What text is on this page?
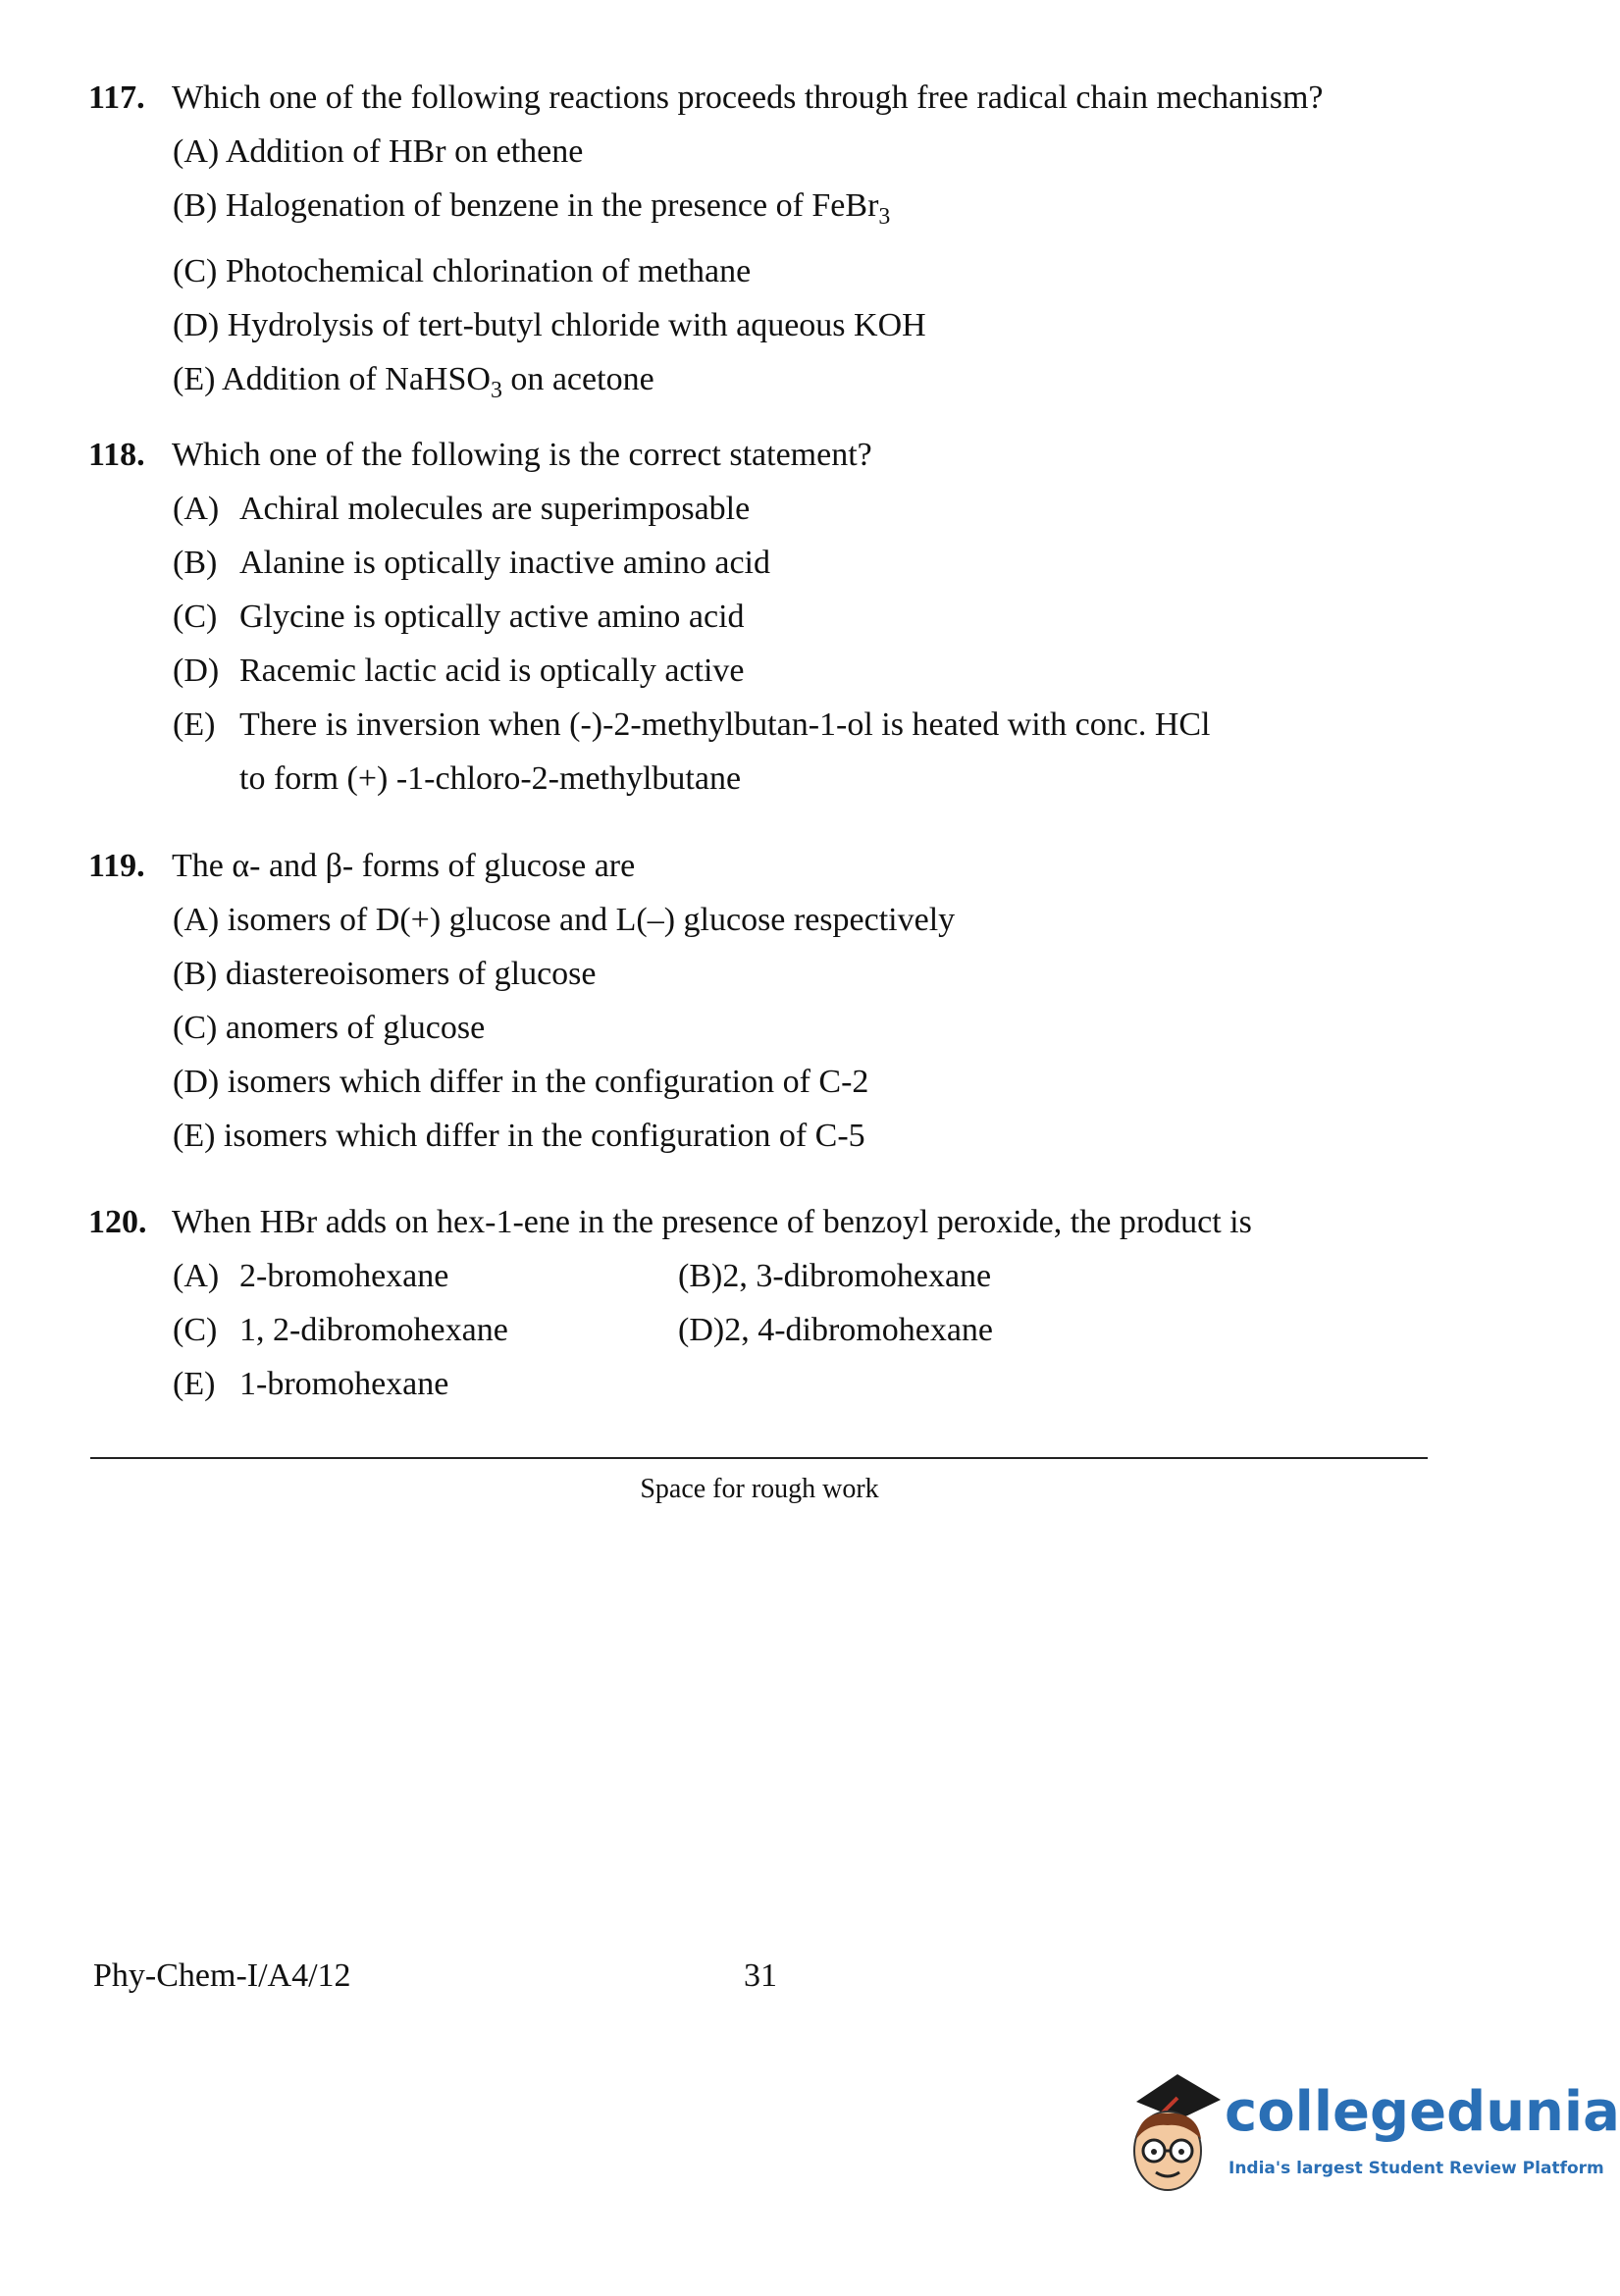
117. Which one of the following reactions proceeds through free radical chain mechanism?
(A) Addition of HBr on ethene
(B) Halogenation of benzene in the presence of FeBr$_3$
(C) Photochemical chlorination of methane
(D) Hydrolysis of tert-butyl chloride with aqueous KOH
(E) Addition of NaHSO$_3$ on acetone
118. Which one of the following is the correct statement?
(A) Achiral molecules are superimposable
(B) Alanine is optically inactive amino acid
(C) Glycine is optically active amino acid
(D) Racemic lactic acid is optically active
(E) There is inversion when (-)-2-methylbutan-1-ol is heated with conc. HCl
to form (+) -1-chloro-2-methylbutane
119. The α- and β- forms of glucose are
(A) isomers of D(+) glucose and L(–) glucose respectively
(B) diastereoisomers of glucose
(C) anomers of glucose
(D) isomers which differ in the configuration of C-2
(E) isomers which differ in the configuration of C-5
120. When HBr adds on hex-1-ene in the presence of benzoyl peroxide, the product is
(A) 2-bromohexane	(B)2, 3-dibromohexane
(C) 1, 2-dibromohexane	(D)2, 4-dibromohexane
(E) 1-bromohexane
Space for rough work
Phy-Chem-I/A4/12	31
collegedunia
India's largest Student Review Platform
